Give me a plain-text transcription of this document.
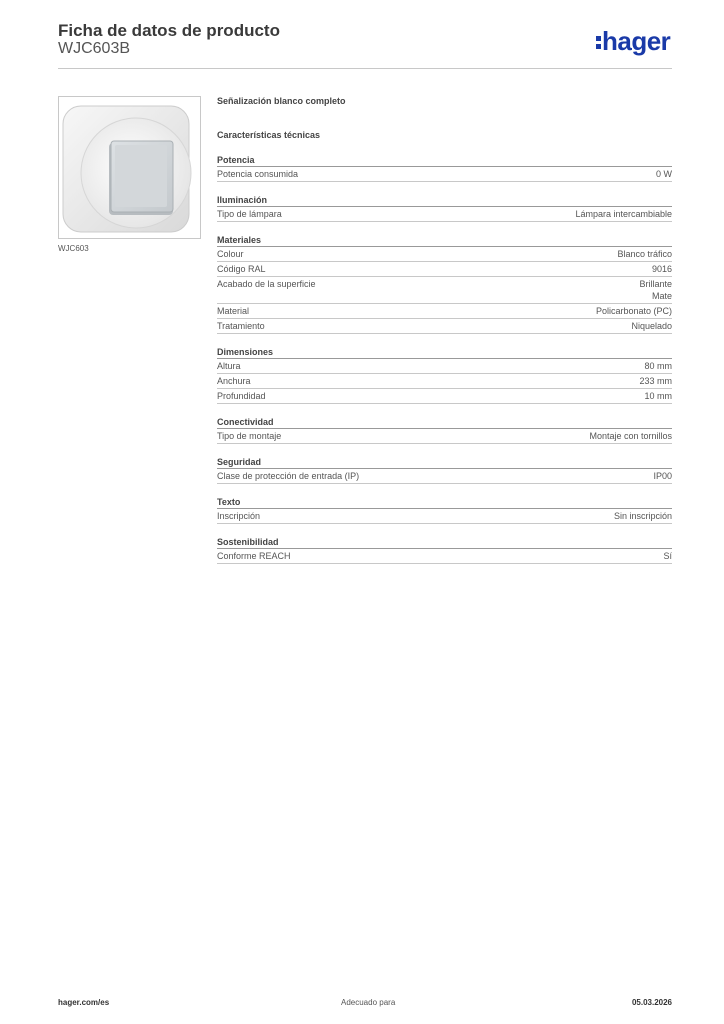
Ficha de datos de producto
WJC603B	hager
WJC603
Señalización blanco completo
Características técnicas
Potencia
Potencia consumida	0 W
Iluminación
Tipo de lámpara	Lámpara intercambiable
Materiales
Colour	Blanco tráfico
Código RAL	9016
Acabado de la superficie	Brillante
Mate
Material	Policarbonato (PC)
Tratamiento	Niquelado
Dimensiones
Altura	80 mm
Anchura	233 mm
Profundidad	10 mm
Conectividad
Tipo de montaje	Montaje con tornillos
Seguridad
Clase de protección de entrada (IP)	IP00
Texto
Inscripción	Sin inscripción
Sostenibilidad
Conforme REACH	Sí
hager.com/es	Adecuado para	05.03.2026
